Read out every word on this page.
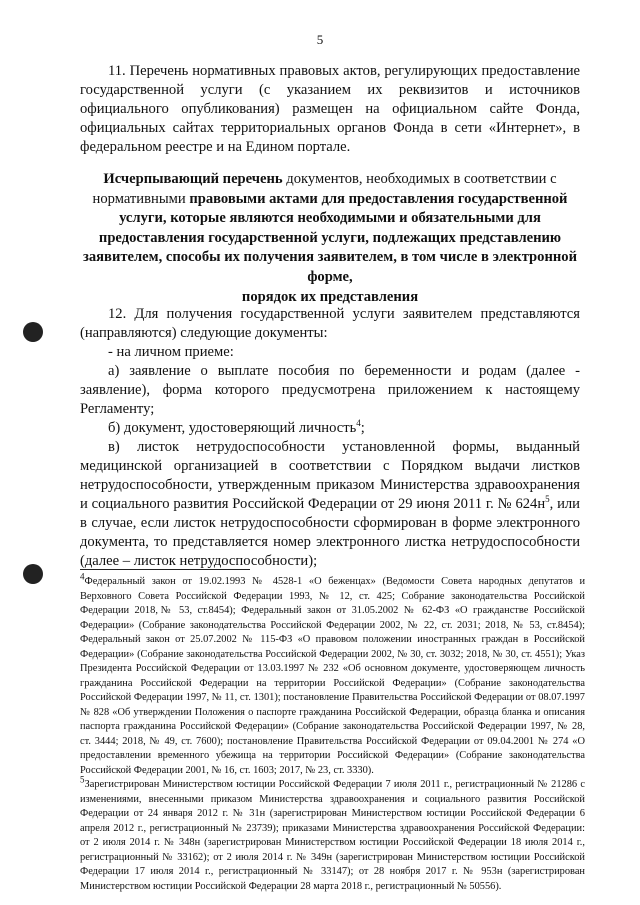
5
11. Перечень нормативных правовых актов, регулирующих предоставление государственной услуги (с указанием их реквизитов и источников официального опубликования) размещен на официальном сайте Фонда, официальных сайтах территориальных органов Фонда в сети «Интернет», в федеральном реестре и на Едином портале.
Исчерпывающий перечень документов, необходимых в соответствии с нормативными правовыми актами для предоставления государственной услуги, которые являются необходимыми и обязательными для предоставления государственной услуги, подлежащих представлению заявителем, способы их получения заявителем, в том числе в электронной форме,
порядок их представления
12. Для получения государственной услуги заявителем представляются (направляются) следующие документы:
- на личном приеме:
а) заявление о выплате пособия по беременности и родам (далее - заявление), форма которого предусмотрена приложением к настоящему Регламенту;
б) документ, удостоверяющий личность$^4$;
в) листок нетрудоспособности установленной формы, выданный медицинской организацией в соответствии с Порядком выдачи листков нетрудоспособности, утвержденным приказом Министерства здравоохранения и социального развития Российской Федерации от 29 июня 2011 г. № $624н^5$, или в случае, если листок нетрудоспособности сформирован в форме электронного документа, то представляется номер электронного листка нетрудоспособности (далее – листок нетрудоспособности);

4Федеральный закон от 19.02.1993 № 4528-1 «О беженцах» (Ведомости Совета народных депутатов и Верховного Совета Российской Федерации 1993, № 12, ст. 425; Собрание законодательства Российской Федерации 2018,№ 53, ст.8454); Федеральный закон от 31.05.2002 № 62-ФЗ «О гражданстве Российской Федерации» (Собрание законодательства Российской Федерации 2002, № 22, ст. 2031; 2018, № 53, ст.8454); Федеральный закон от 25.07.2002 № 115-ФЗ «О правовом положении иностранных граждан в Российской Федерации» (Собрание законодательства Российской Федерации 2002, № 30, ст. 3032; 2018, № 30, ст. 4551); Указ Президента Российской Федерации от 13.03.1997 № 232 «Об основном документе, удостоверяющем личность гражданина Российской Федерации на территории Российской Федерации» (Собрание законодательства Российской Федерации 1997, № 11, ст. 1301); постановление Правительства Российской Федерации от 08.07.1997 № 828 «Об утверждении Положения о паспорте гражданина Российской Федерации, образца бланка и описания паспорта гражданина Российской Федерации» (Собрание законодательства Российской Федерации 1997, № 28, ст. 3444; 2018, № 49, ст. 7600); постановление Правительства Российской Федерации от 09.04.2001 № 274 «О предоставлении временного убежища на территории Российской Федерации» (Собрание законодательства Российской Федерации 2001, № 16, ст. 1603; 2017, № 23, ст. 3330).

5Зарегистрирован Министерством юстиции Российской Федерации 7 июля 2011 г., регистрационный № 21286 с изменениями, внесенными приказом Министерства здравоохранения и социального развития Российской Федерации от 24 января 2012 г. № 31н (зарегистрирован Министерством юстиции Российской Федерации 6 апреля 2012 г., регистрационный № 23739); приказами Министерства здравоохранения Российской Федерации: от 2 июля 2014 г. № 348н (зарегистрирован Министерством юстиции Российской Федерации 18 июля 2014 г., регистрационный № 33162); от 2 июля 2014 г. № 349н (зарегистрирован Министерством юстиции Российской Федерации 17 июля 2014 г., регистрационный № 33147); от 28 ноября 2017 г. № 953н (зарегистрирован Министерством юстиции Российской Федерации 28 марта 2018 г., регистрационный № 50556).
